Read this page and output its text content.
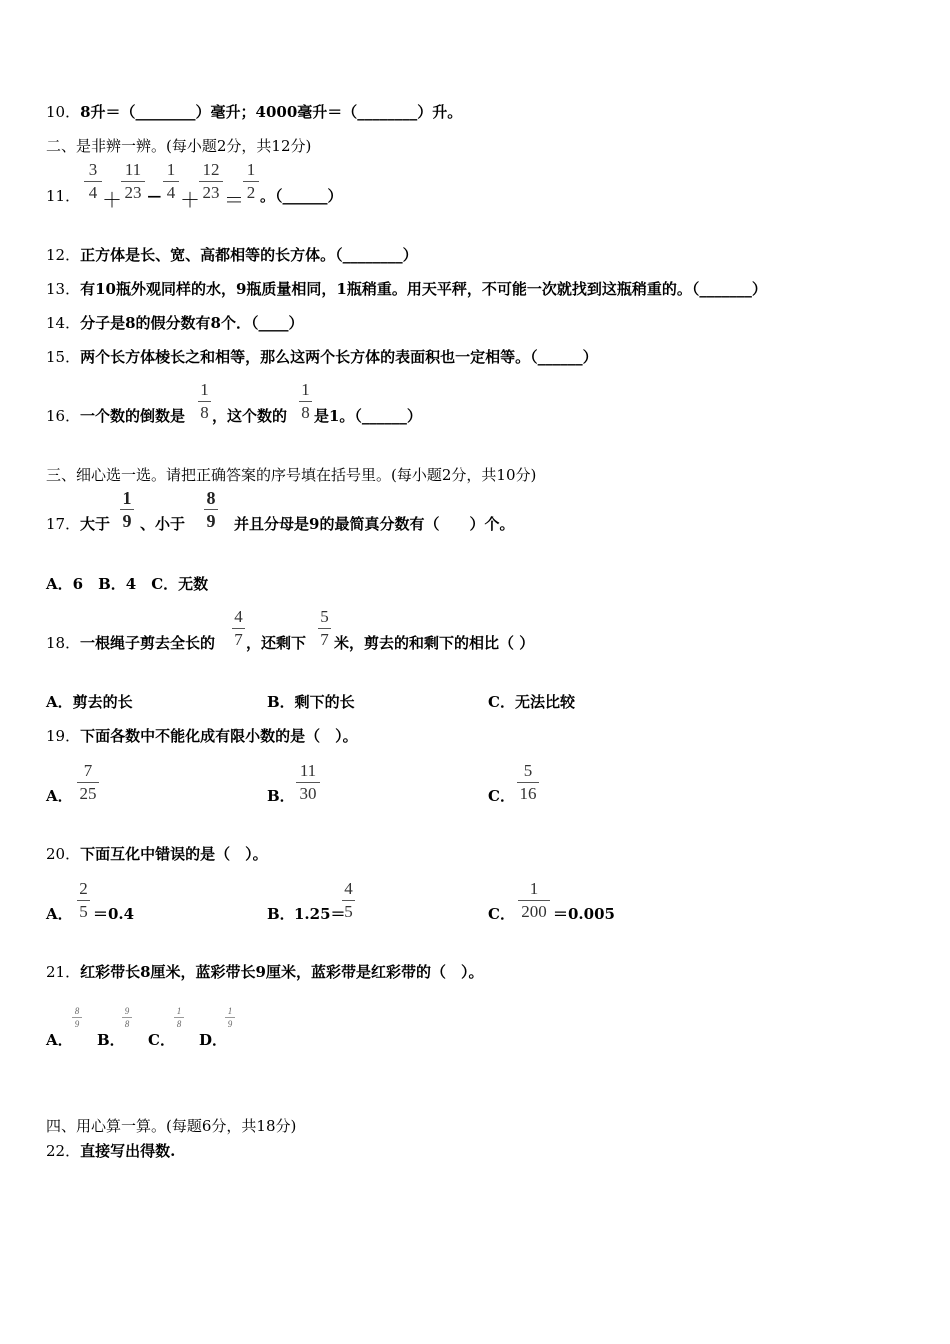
10．8升＝（________）毫升；4000毫升＝（________）升。
二、是非辨一辨。(每小题2分，共12分)
11．
3
4 ＋
11
23 −
1
4 ＋
12
23 ＝
1
2 。（______）
12．正方体是长、宽、高都相等的长方体。（________）
13．有10瓶外观同样的水，9瓶质量相同，1瓶稍重。用天平秤，不可能一次就找到这瓶稍重的。（_______）
14．分子是8的假分数有8个．（____）
15．两个长方体棱长之和相等，那么这两个长方体的表面积也一定相等。（______）
16． 一个数的倒数是
1
8 ，这个数的
1
8 是1。（______）
三、细心选一选。请把正确答案的序号填在括号里。(每小题2分，共10分)
17． 大于
1
9 、小于
8
9 并且分母是9的最简真分数有（　　）个。
A．6　B．4　C．无数
18． 一根绳子剪去全长的
4
7 ，还剩下
5
7 米，剪去的和剩下的相比（ ）
A．剪去的长	B．剩下的长	C．无法比较
19．下面各数中不能化成有限小数的是（　）。
A．
7
25	B．
11
30	C．
5
16
20．下面互化中错误的是（　）。
A．
2
5 ＝0.4	B． 1.25＝
4
5	C．
1
200 ＝0.005
21．红彩带长8厘米，蓝彩带长9厘米，蓝彩带是红彩带的（　）。
A．
8
9
B．
9
8
C．
1
8
D．
1
9
四、用心算一算。(每题6分，共18分)
22．直接写出得数.
